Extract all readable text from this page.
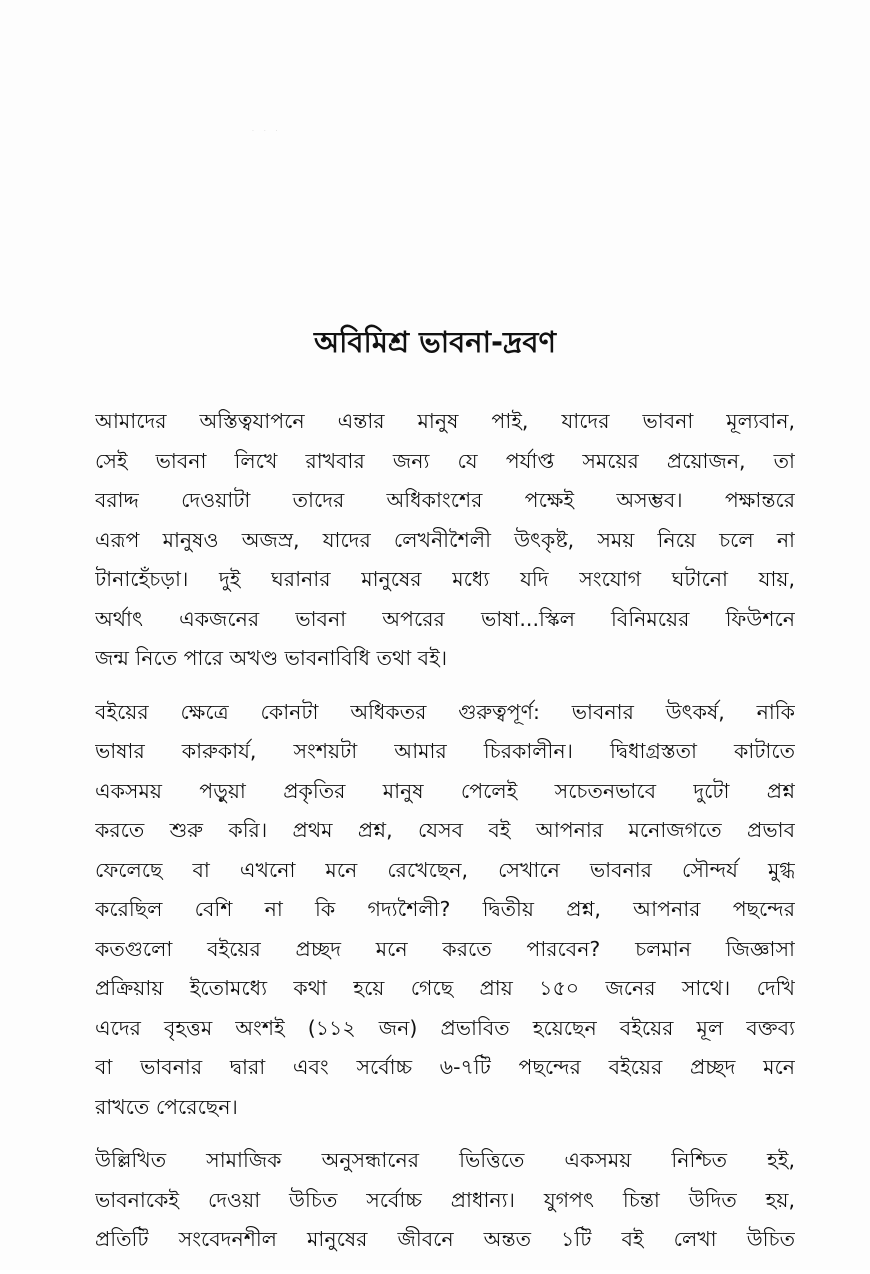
· · ·
অবিমিশ্র ভাবনা-দ্রবণ

আমাদের অস্তিত্বযাপনে এন্তার মানুষ পাই, যাদের ভাবনা মূল্যবান,
সেই ভাবনা লিখে রাখবার জন্য যে পর্যাপ্ত সময়ের প্রয়োজন, তা
বরাদ্দ দেওয়াটা তাদের অধিকাংশের পক্ষেই অসম্ভব। পক্ষান্তরে
এরূপ মানুষও অজস্র, যাদের লেখনীশৈলী উৎকৃষ্ট, সময় নিয়ে চলে না
টানাহেঁচড়া। দুই ঘরানার মানুষের মধ্যে যদি সংযোগ ঘটানো যায়,
অর্থাৎ একজনের ভাবনা অপরের ভাষা...স্কিল বিনিময়ের ফিউশনে
জন্ম নিতে পারে অখণ্ড ভাবনাবিধি তথা বই।

বইয়ের ক্ষেত্রে কোনটা অধিকতর গুরুত্বপূর্ণ: ভাবনার উৎকর্ষ, নাকি
ভাষার কারুকার্য, সংশয়টা আমার চিরকালীন। দ্বিধাগ্রস্ততা কাটাতে
একসময় পড়ুয়া প্রকৃতির মানুষ পেলেই সচেতনভাবে দুটো প্রশ্ন
করতে শুরু করি। প্রথম প্রশ্ন, যেসব বই আপনার মনোজগতে প্রভাব
ফেলেছে বা এখনো মনে রেখেছেন, সেখানে ভাবনার সৌন্দর্য মুগ্ধ
করেছিল বেশি না কি গদ্যশৈলী? দ্বিতীয় প্রশ্ন, আপনার পছন্দের
কতগুলো বইয়ের প্রচ্ছদ মনে করতে পারবেন? চলমান জিজ্ঞাসা
প্রক্রিয়ায় ইতোমধ্যে কথা হয়ে গেছে প্রায় ১৫০ জনের সাথে। দেখি
এদের বৃহত্তম অংশই (১১২ জন) প্রভাবিত হয়েছেন বইয়ের মূল বক্তব্য
বা ভাবনার দ্বারা এবং সর্বোচ্চ ৬-৭টি পছন্দের বইয়ের প্রচ্ছদ মনে
রাখতে পেরেছেন।

উল্লিখিত সামাজিক অনুসন্ধানের ভিত্তিতে একসময় নিশ্চিত হই,
ভাবনাকেই দেওয়া উচিত সর্বোচ্চ প্রাধান্য। যুগপৎ চিন্তা উদিত হয়,
প্রতিটি সংবেদনশীল মানুষের জীবনে অন্তত ১টি বই লেখা উচিত
